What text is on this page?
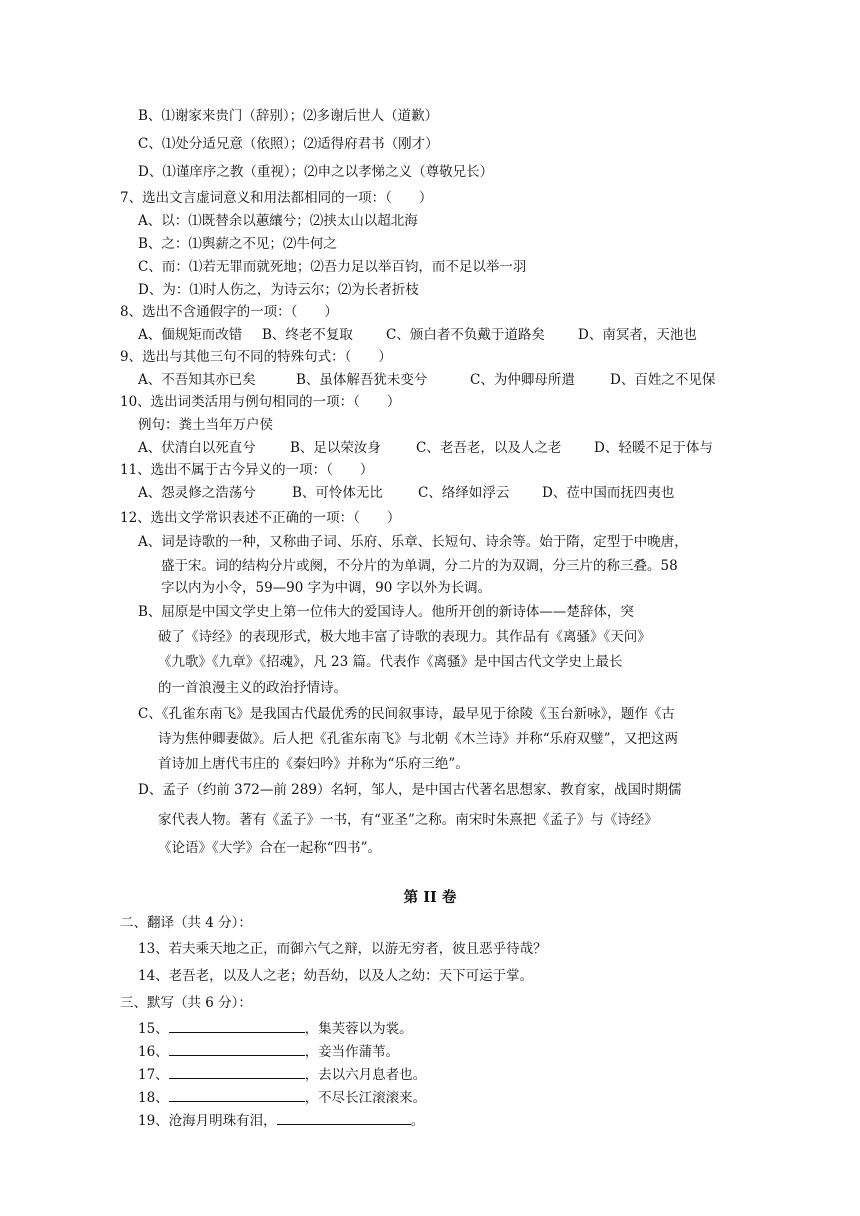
B、⑴谢家来贵门（辞别）；⑵多谢后世人（道歉）
C、⑴处分适兄意（依照）；⑵适得府君书（刚才）
D、⑴谨庠序之教（重视）；⑵申之以孝悌之义（尊敬兄长）
7、选出文言虚词意义和用法都相同的一项：（　　）
A、以：⑴既替余以蕙纕兮；⑵挟太山以超北海
B、之：⑴舆薪之不见；⑵牛何之
C、而：⑴若无罪而就死地；⑵吾力足以举百钧，而不足以举一羽
D、为：⑴时人伤之，为诗云尔；⑵为长者折枝
8、选出不含通假字的一项：（　　）
A、偭规矩而改错 B、终老不复取 C、颁白者不负戴于道路矣 D、南冥者，天池也
9、选出与其他三句不同的特殊句式：（　　）
A、不吾知其亦已矣	B、虽体解吾犹未变兮	C、为仲卿母所遣	D、百姓之不见保
10、选出词类活用与例句相同的一项：（　　）
例句：粪土当年万户侯
A、伏清白以死直兮	B、足以荣汝身	C、老吾老，以及人之老 D、轻暖不足于体与
11、选出不属于古今异义的一项：（　　）
A、怨灵修之浩荡兮	B、可怜体无比	C、络绎如浮云 D、莅中国而抚四夷也
12、选出文学常识表述不正确的一项：（　　）
A、词是诗歌的一种，又称曲子词、乐府、乐章、长短句、诗余等。始于隋，定型于中晚唐，
盛于宋。词的结构分片或阕，不分片的为单调，分二片的为双调，分三片的称三叠。58
字以内为小令，59—90 字为中调，90 字以外为长调。
B、屈原是中国文学史上第一位伟大的爱国诗人。他所开创的新诗体——楚辞体，突
破了《诗经》的表现形式，极大地丰富了诗歌的表现力。其作品有《离骚》《天问》
《九歌》《九章》《招魂》，凡 23 篇。代表作《离骚》是中国古代文学史上最长
的一首浪漫主义的政治抒情诗。
C、《孔雀东南飞》是我国古代最优秀的民间叙事诗，最早见于徐陵《玉台新咏》，题作《古
诗为焦仲卿妻做》。后人把《孔雀东南飞》与北朝《木兰诗》并称“乐府双璧”，又把这两
首诗加上唐代韦庄的《秦妇吟》并称为“乐府三绝”。
D、孟子（约前 372—前 289）名轲，邹人，是中国古代著名思想家、教育家，战国时期儒
家代表人物。著有《孟子》一书，有“亚圣”之称。南宋时朱熹把《孟子》与《诗经》
《论语》《大学》合在一起称“四书”。
第 II 卷
二、翻译（共 4 分）：
13、若夫乘天地之正，而御六气之辩，以游无穷者，彼且恶乎待哉？
14、老吾老，以及人之老；幼吾幼，以及人之幼：天下可运于掌。
三、默写（共 6 分）：
15、	，集芙蓉以为裳。
16、	，妾当作蒲苇。
17、	，去以六月息者也。
18、	，不尽长江滚滚来。
19、沧海月明珠有泪，	。
